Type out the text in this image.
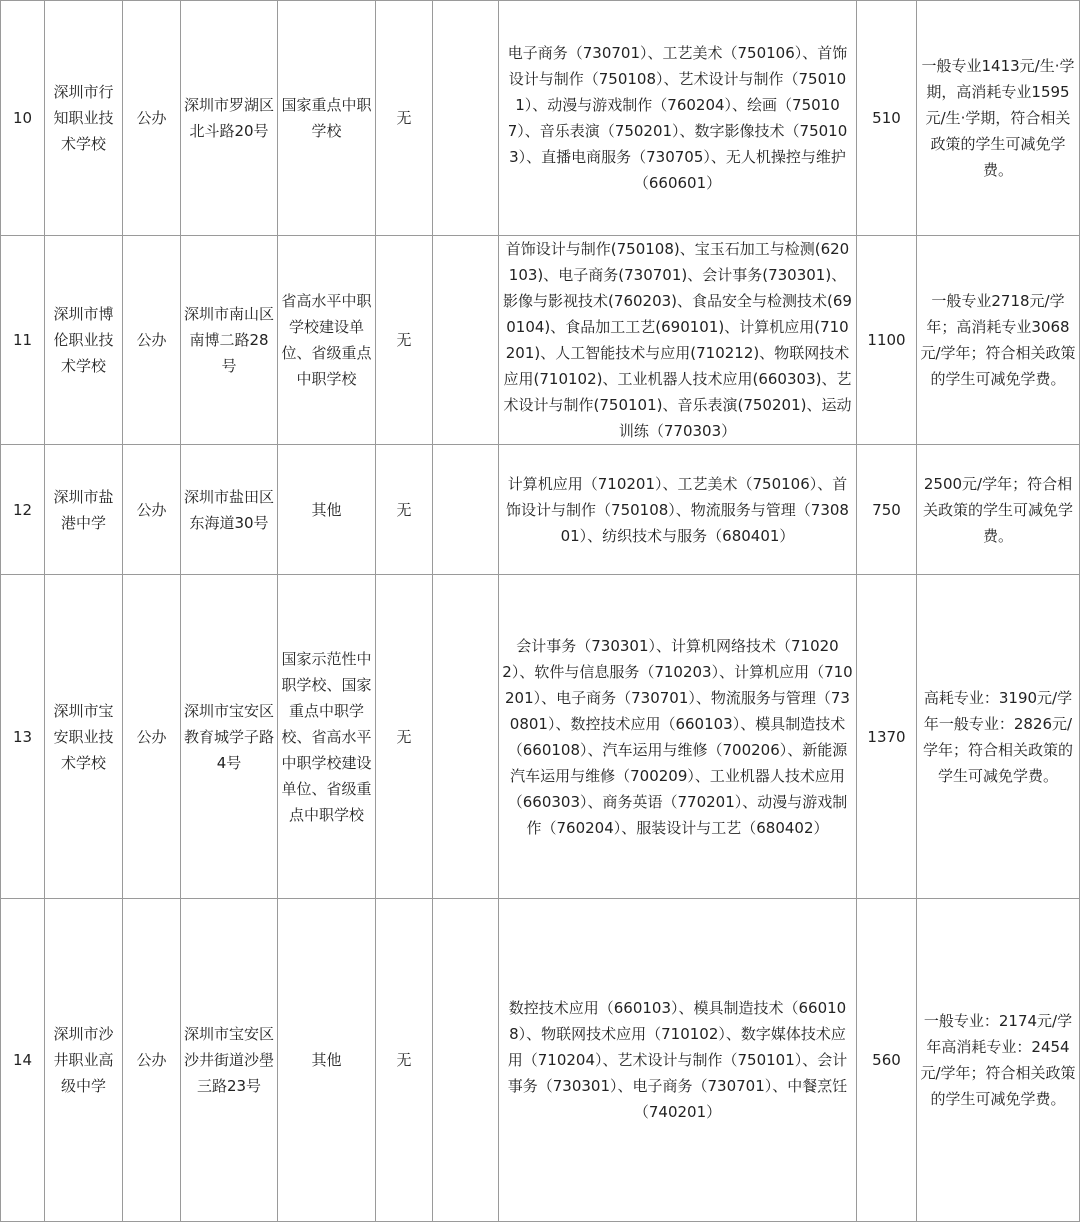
10	深圳市行知职业技术学校	公办	深圳市罗湖区北斗路20号	国家重点中职学校	无		电子商务（730701）、工艺美术（750106）、首饰设计与制作（750108）、艺术设计与制作（750101）、动漫与游戏制作（760204）、绘画（750107）、音乐表演（750201）、数字影像技术（750103）、直播电商服务（730705）、无人机操控与维护（660601）	510	一般专业1413元/生·学期，高消耗专业1595元/生·学期，符合相关政策的学生可减免学费。
11	深圳市博伦职业技术学校	公办	深圳市南山区南博二路28号	省高水平中职学校建设单位、省级重点中职学校	无		首饰设计与制作(750108)、宝玉石加工与检测(620103)、电子商务(730701)、会计事务(730301)、影像与影视技术(760203)、食品安全与检测技术(690104)、食品加工工艺(690101)、计算机应用(710201)、人工智能技术与应用(710212)、物联网技术应用(710102)、工业机器人技术应用(660303)、艺术设计与制作(750101)、音乐表演(750201)、运动训练（770303）	1100	一般专业2718元/学年；高消耗专业3068元/学年；符合相关政策的学生可减免学费。
12	深圳市盐港中学	公办	深圳市盐田区东海道30号	其他	无		计算机应用（710201）、工艺美术（750106）、首饰设计与制作（750108）、物流服务与管理（730801）、纺织技术与服务（680401）	750	2500元/学年；符合相关政策的学生可减免学费。
13	深圳市宝安职业技术学校	公办	深圳市宝安区教育城学子路4号	国家示范性中职学校、国家重点中职学校、省高水平中职学校建设单位、省级重点中职学校	无		会计事务（730301）、计算机网络技术（710202）、软件与信息服务（710203）、计算机应用（710201）、电子商务（730701）、物流服务与管理（730801）、数控技术应用（660103）、模具制造技术（660108）、汽车运用与维修（700206）、新能源汽车运用与维修（700209）、工业机器人技术应用（660303）、商务英语（770201）、动漫与游戏制作（760204）、服装设计与工艺（680402）	1370	高耗专业：3190元/学年一般专业：2826元/学年；符合相关政策的学生可减免学费。
14	深圳市沙井职业高级中学	公办	深圳市宝安区沙井街道沙壆三路23号	其他	无		数控技术应用（660103）、模具制造技术（660108）、物联网技术应用（710102）、数字媒体技术应用（710204）、艺术设计与制作（750101）、会计事务（730301）、电子商务（730701）、中餐烹饪（740201）	560	一般专业：2174元/学年高消耗专业：2454元/学年；符合相关政策的学生可减免学费。
